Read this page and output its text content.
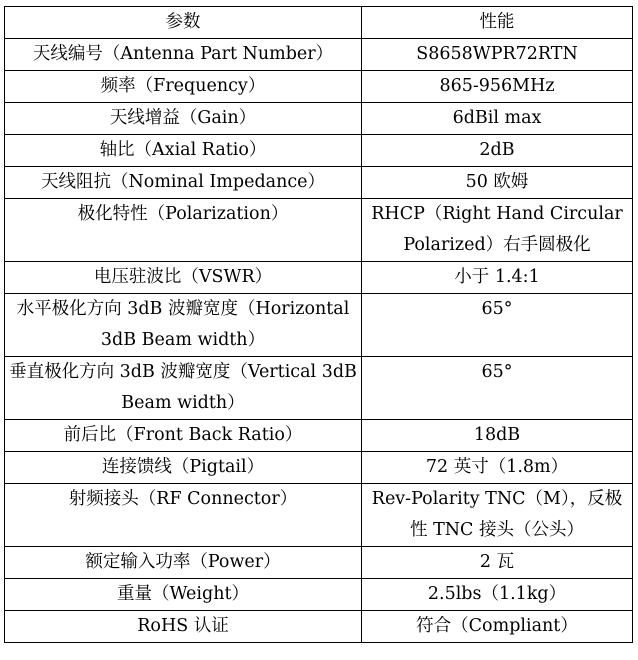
参数	性能
天线编号（Antenna Part Number）	S8658WPR72RTN
频率（Frequency）	865-956MHz
天线增益（Gain）	6dBil max
轴比（Axial Ratio）	2dB
天线阻抗（Nominal Impedance）	50 欧姆
极化特性（Polarization）	RHCP（Right Hand Circular Polarized）右手圆极化
电压驻波比（VSWR）	小于 1.4:1
水平极化方向 3dB 波瓣宽度（Horizontal 3dB Beam width）	65°
垂直极化方向 3dB 波瓣宽度（Vertical 3dB Beam width）	65°
前后比（Front Back Ratio）	18dB
连接馈线（Pigtail）	72 英寸（1.8m）
射频接头（RF Connector）	Rev-Polarity TNC（M），反极性 TNC 接头（公头）
额定输入功率（Power）	2 瓦
重量（Weight）	2.5lbs（1.1kg）
RoHS 认证	符合（Compliant）
